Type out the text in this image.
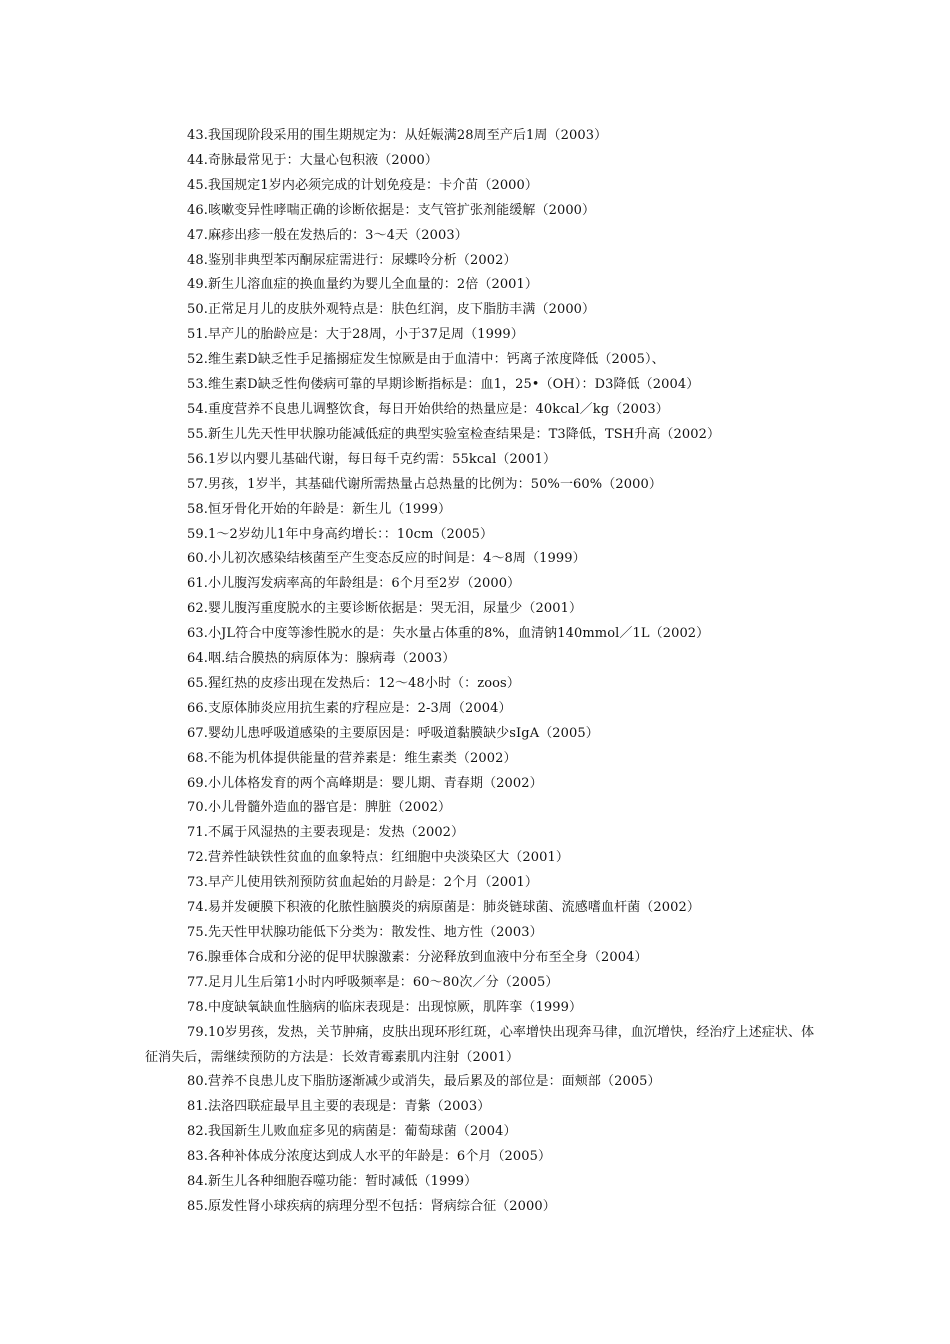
43.我国现阶段采用的围生期规定为：从妊娠满28周至产后1周（2003）
44.奇脉最常见于：大量心包积液（2000）
45.我国规定1岁内必须完成的计划免疫是：卡介苗（2000）
46.咳嗽变异性哮喘正确的诊断依据是：支气管扩张剂能缓解（2000）
47.麻疹出疹一般在发热后的：3～4天（2003）
48.鉴别非典型苯丙酮尿症需进行：尿蝶呤分析（2002）
49.新生儿溶血症的换血量约为婴儿全血量的：2倍（2001）
50.正常足月儿的皮肤外观特点是：肤色红润，皮下脂肪丰满（2000）
51.早产儿的胎龄应是：大于28周，小于37足周（1999）
52.维生素D缺乏性手足搐搦症发生惊厥是由于血清中：钙离子浓度降低（2005）、
53.维生素D缺乏性佝偻病可靠的早期诊断指标是：血1，25•（OH）：D3降低（2004）
54.重度营养不良患儿调整饮食，每日开始供给的热量应是：40kcal／kg（2003）
55.新生儿先天性甲状腺功能减低症的典型实验室检查结果是：T3降低，TSH升高（2002）
56.1岁以内婴儿基础代谢，每日每千克约需：55kcal（2001）
57.男孩，1岁半，其基础代谢所需热量占总热量的比例为：50%一60%（2000）
58.恒牙骨化开始的年龄是：新生儿（1999）
59.1～2岁幼儿1年中身高约增长：：10cm（2005）
60.小儿初次感染结核菌至产生变态反应的时间是：4～8周（1999）
61.小儿腹泻发病率高的年龄组是：6个月至2岁（2000）
62.婴儿腹泻重度脱水的主要诊断依据是：哭无泪，尿量少（2001）
63.小JL符合中度等渗性脱水的是：失水量占体重的8%，血清钠140mmol／1L（2002）
64.咽.结合膜热的病原体为：腺病毒（2003）
65.猩红热的皮疹出现在发热后：12～48小时（：zoos）
66.支原体肺炎应用抗生素的疗程应是：2-3周（2004）
67.婴幼儿患呼吸道感染的主要原因是：呼吸道黏膜缺少sIgA（2005）
68.不能为机体提供能量的营养素是：维生素类（2002）
69.小儿体格发育的两个高峰期是：婴儿期、青春期（2002）
70.小儿骨髓外造血的器官是：脾脏（2002）
71.不属于风湿热的主要表现是：发热（2002）
72.营养性缺铁性贫血的血象特点：红细胞中央淡染区大（2001）
73.早产儿使用铁剂预防贫血起始的月龄是：2个月（2001）
74.易并发硬膜下积液的化脓性脑膜炎的病原菌是：肺炎链球菌、流感嗜血杆菌（2002）
75.先天性甲状腺功能低下分类为：散发性、地方性（2003）
76.腺垂体合成和分泌的促甲状腺激素：分泌释放到血液中分布至全身（2004）
77.足月儿生后第1小时内呼吸频率是：60～80次／分（2005）
78.中度缺氧缺血性脑病的临床表现是：出现惊厥，肌阵挛（1999）
79.10岁男孩，发热，关节肿痛，皮肤出现环形红斑，心率增快出现奔马律，血沉增快，经治疗上述症状、体征消失后，需继续预防的方法是：长效青霉素肌内注射（2001）
80.营养不良患儿皮下脂肪逐渐减少或消失，最后累及的部位是：面颊部（2005）
81.法洛四联症最早且主要的表现是：青紫（2003）
82.我国新生儿败血症多见的病菌是：葡萄球菌（2004）
83.各种补体成分浓度达到成人水平的年龄是：6个月（2005）
84.新生儿各种细胞吞噬功能：暂时减低（1999）
85.原发性肾小球疾病的病理分型不包括：肾病综合征（2000）
